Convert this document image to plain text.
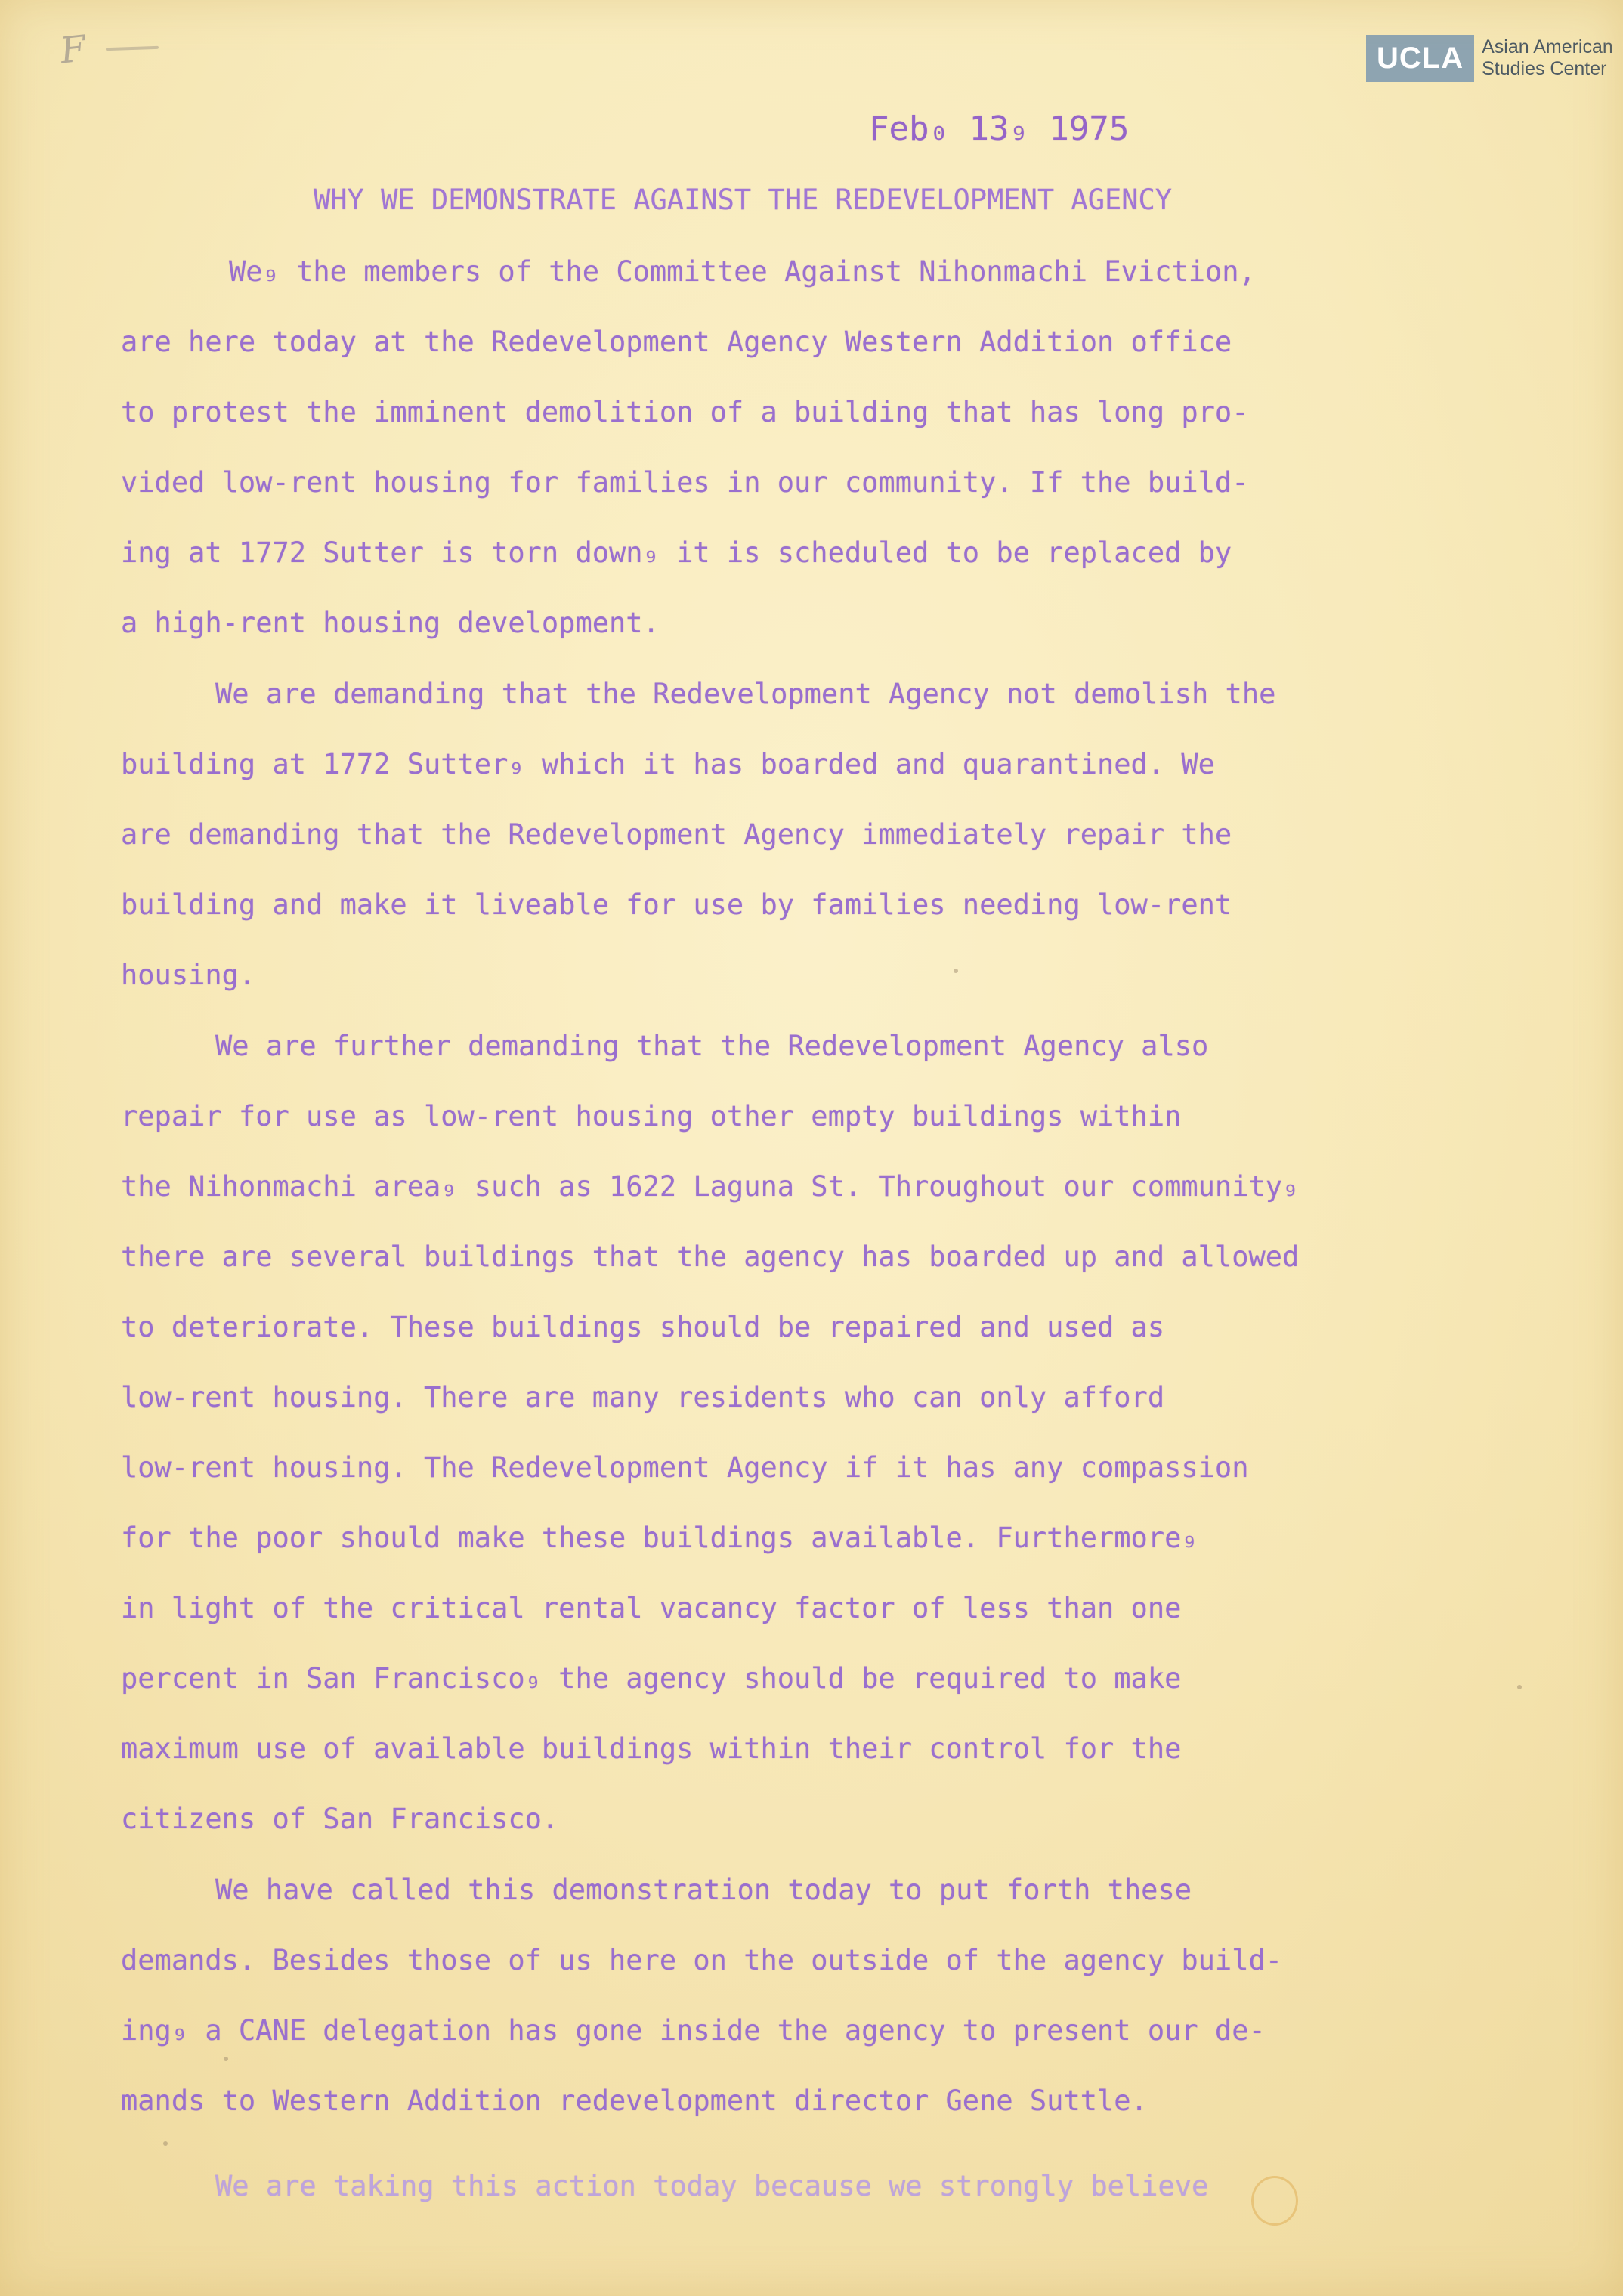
F	UCLA Asian American
Studies Center
Feb₀ 13₉ 1975
WHY WE DEMONSTRATE AGAINST THE REDEVELOPMENT AGENCY
We₉ the members of the Committee Against Nihonmachi Eviction,
are here today at the Redevelopment Agency Western Addition office
to protest the imminent demolition of a building that has long pro-
vided low-rent housing for families in our community. If the build-
ing at 1772 Sutter is torn down₉ it is scheduled to be replaced by
a high-rent housing development.
We are demanding that the Redevelopment Agency not demolish the
building at 1772 Sutter₉ which it has boarded and quarantined. We
are demanding that the Redevelopment Agency immediately repair the
building and make it liveable for use by families needing low-rent
housing.
We are further demanding that the Redevelopment Agency also
repair for use as low-rent housing other empty buildings within
the Nihonmachi area₉ such as 1622 Laguna St. Throughout our community₉
there are several buildings that the agency has boarded up and allowed
to deteriorate. These buildings should be repaired and used as
low-rent housing. There are many residents who can only afford
low-rent housing. The Redevelopment Agency if it has any compassion
for the poor should make these buildings available. Furthermore₉
in light of the critical rental vacancy factor of less than one
percent in San Francisco₉ the agency should be required to make
maximum use of available buildings within their control for the
citizens of San Francisco.
We have called this demonstration today to put forth these
demands. Besides those of us here on the outside of the agency build-
ing₉ a CANE delegation has gone inside the agency to present our de-
mands to Western Addition redevelopment director Gene Suttle.
We are taking this action today because we strongly believe
